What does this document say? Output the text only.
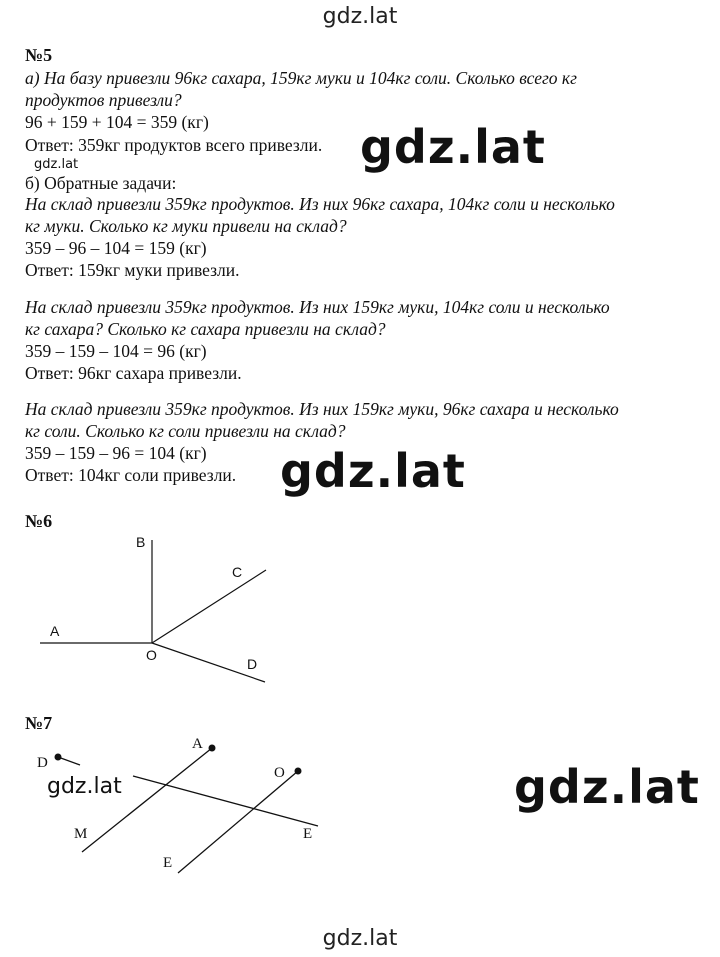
gdz.lat
gdz.lat
gdz.lat
gdz.lat
gdz.lat
gdz.lat
gdz.lat
№5
а) На базу привезли 96кг сахара, 159кг муки и 104кг соли. Сколько всего кг
продуктов привезли?
96 + 159 + 104 = 359 (кг)
Ответ: 359кг продуктов всего привезли.
б) Обратные задачи:
На склад привезли 359кг продуктов. Из них 96кг сахара, 104кг соли и несколько
кг муки. Сколько кг муки привели на склад?
359 – 96 – 104 = 159 (кг)
Ответ: 159кг муки привезли.
На склад привезли 359кг продуктов. Из них 159кг муки, 104кг соли и несколько
кг сахара? Сколько кг сахара привезли на склад?
359 – 159 – 104 = 96 (кг)
Ответ: 96кг сахара привезли.
На склад привезли 359кг продуктов. Из них 159кг муки, 96кг сахара и несколько
кг соли. Сколько кг соли привезли на склад?
359 – 159 – 96 = 104 (кг)
Ответ: 104кг соли привезли.
№6
A
B
C
O
D
№7
D
A
O
M	E
E
